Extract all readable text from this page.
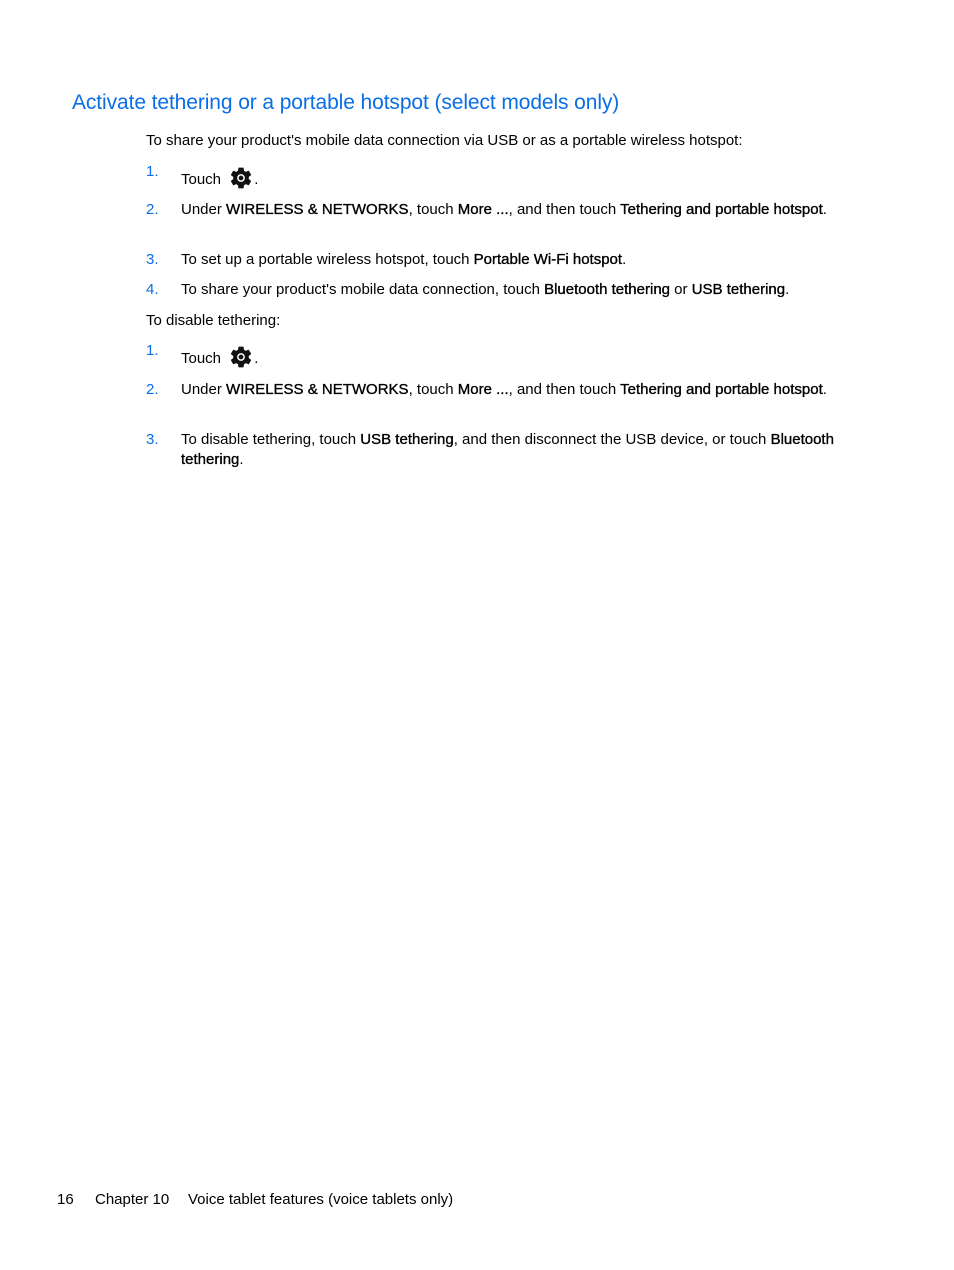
Activate tethering or a portable hotspot (select models only)

To share your product's mobile data connection via USB or as a portable wireless hotspot:

1. Touch .
2. Under WIRELESS & NETWORKS, touch More ..., and then touch Tethering and portable hotspot.
3. To set up a portable wireless hotspot, touch Portable Wi-Fi hotspot.
4. To share your product's mobile data connection, touch Bluetooth tethering or USB tethering.

To disable tethering:

1. Touch .
2. Under WIRELESS & NETWORKS, touch More ..., and then touch Tethering and portable hotspot.
3. To disable tethering, touch USB tethering, and then disconnect the USB device, or touch Bluetooth tethering.
16 Chapter 10 Voice tablet features (voice tablets only)
